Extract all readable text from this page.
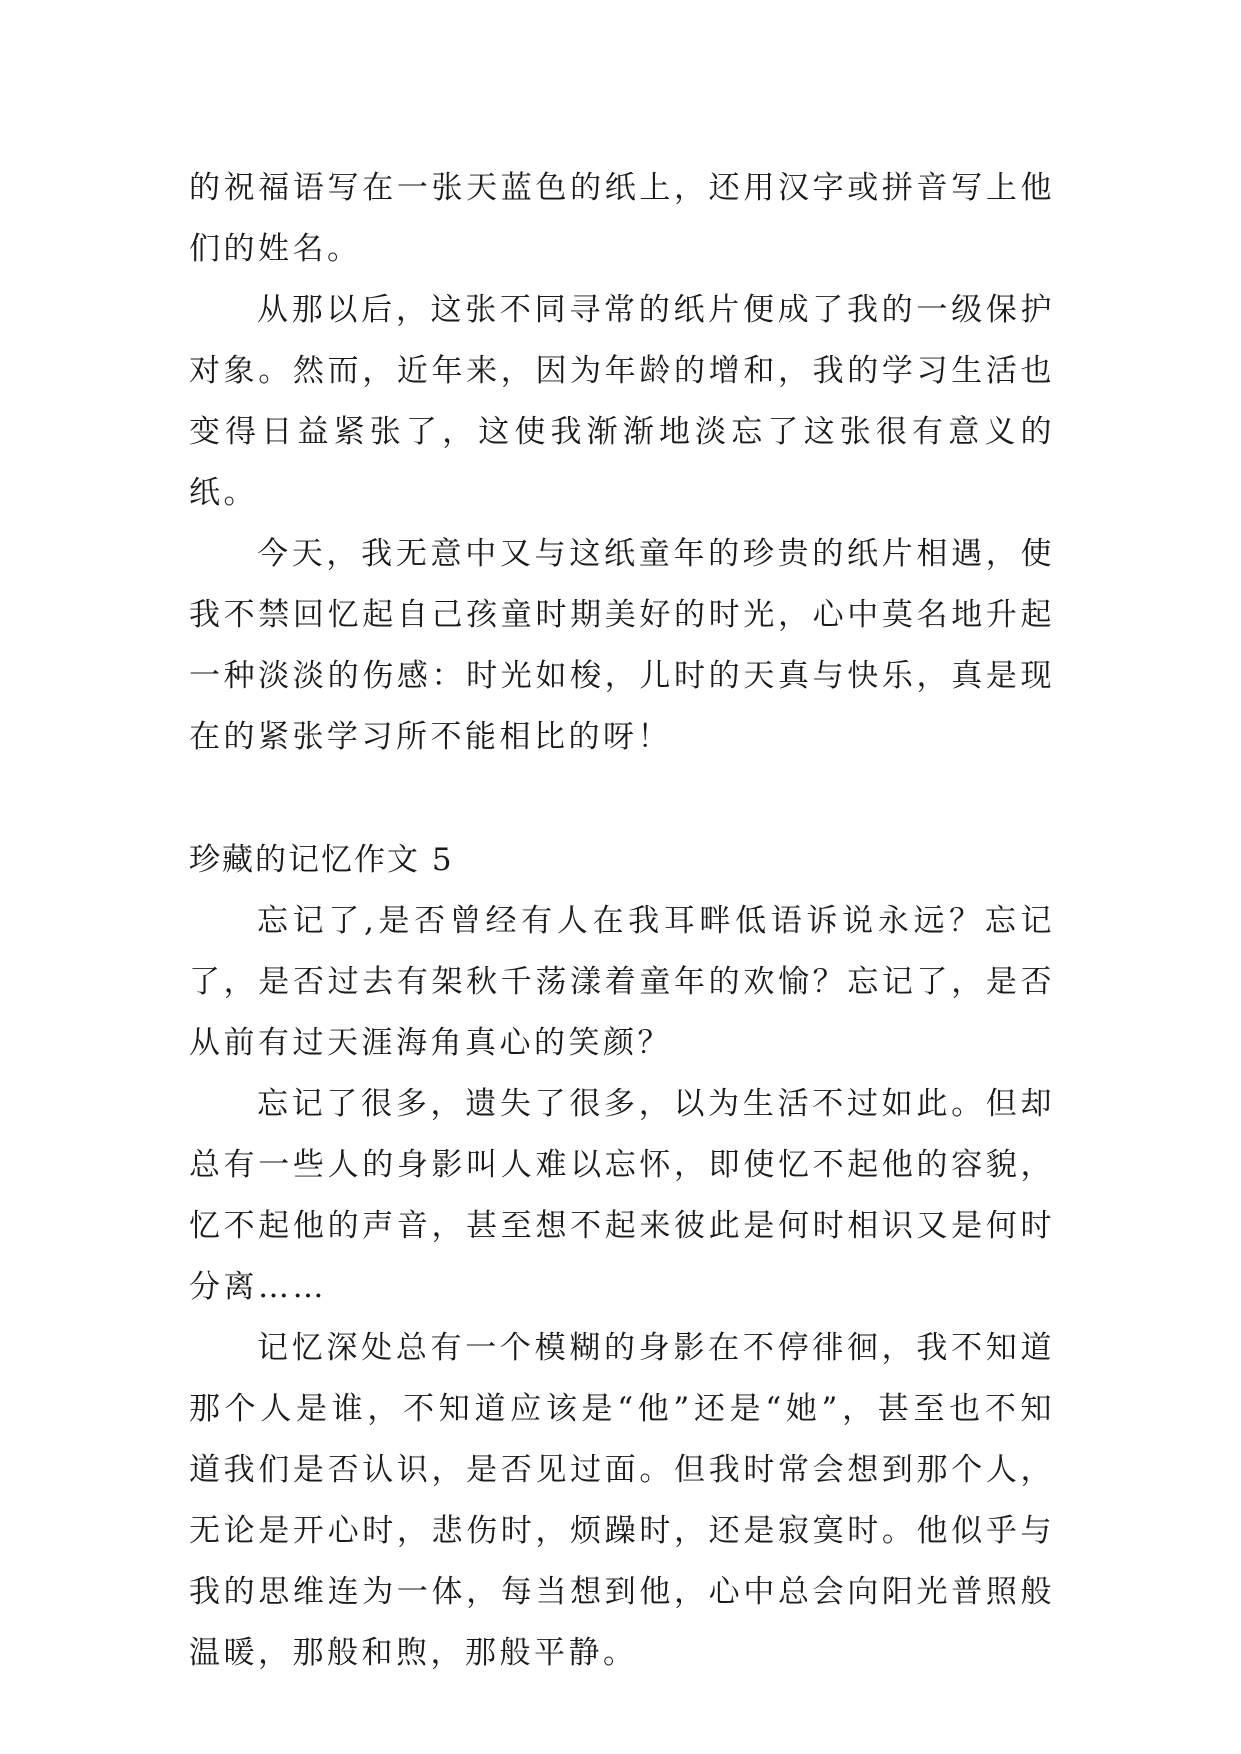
的祝福语写在一张天蓝色的纸上，还用汉字或拼音写上他们的姓名。

从那以后，这张不同寻常的纸片便成了我的一级保护对象。然而，近年来，因为年龄的增和，我的学习生活也变得日益紧张了，这使我渐渐地淡忘了这张很有意义的纸。

今天，我无意中又与这纸童年的珍贵的纸片相遇，使我不禁回忆起自己孩童时期美好的时光，心中莫名地升起一种淡淡的伤感：时光如梭，儿时的天真与快乐，真是现在的紧张学习所不能相比的呀！

珍藏的记忆作文 5

忘记了,是否曾经有人在我耳畔低语诉说永远？忘记了，是否过去有架秋千荡漾着童年的欢愉？忘记了，是否从前有过天涯海角真心的笑颜？

忘记了很多，遗失了很多，以为生活不过如此。但却总有一些人的身影叫人难以忘怀，即使忆不起他的容貌，忆不起他的声音，甚至想不起来彼此是何时相识又是何时分离……

记忆深处总有一个模糊的身影在不停徘徊，我不知道那个人是谁，不知道应该是“他”还是“她”，甚至也不知道我们是否认识，是否见过面。但我时常会想到那个人，无论是开心时，悲伤时，烦躁时，还是寂寞时。他似乎与我的思维连为一体，每当想到他，心中总会向阳光普照般温暖，那般和煦，那般平静。
